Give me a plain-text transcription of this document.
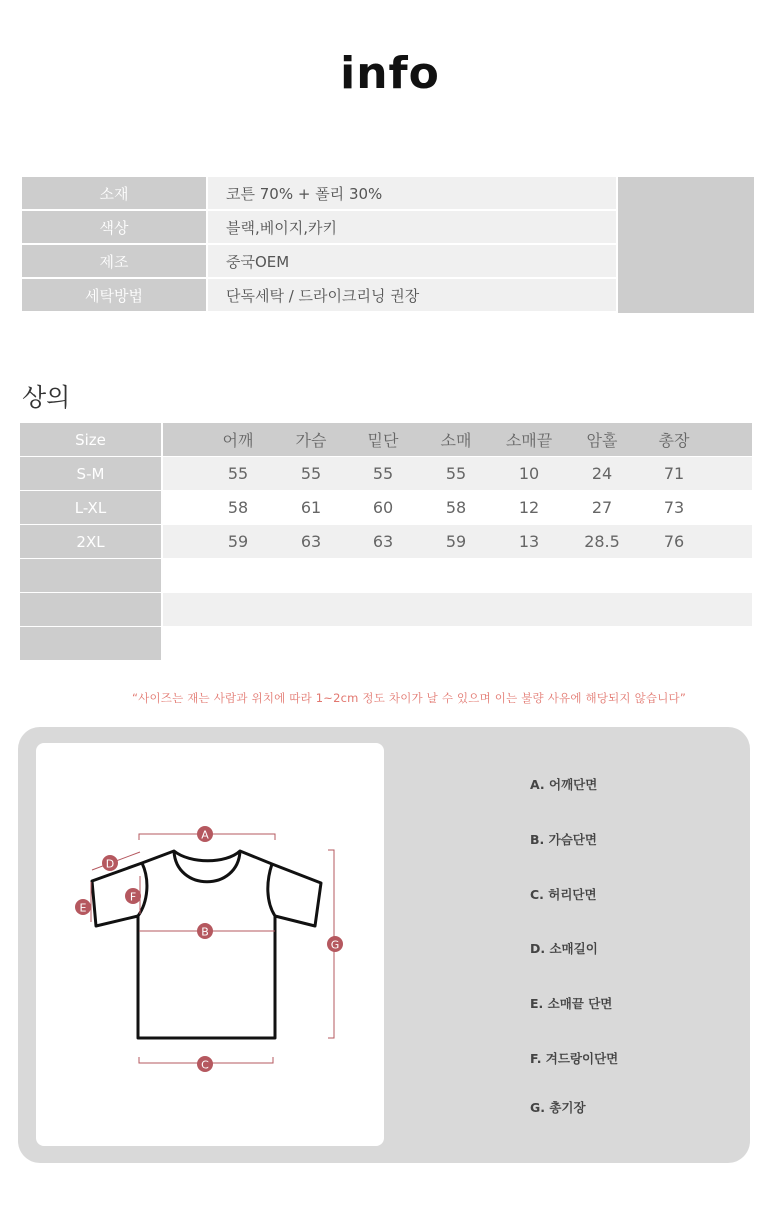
info
소재	코튼 70% + 폴리 30%
색상	블랙,베이지,카키
제조	중국OEM
세탁방법	단독세탁 / 드라이크리닝 권장
상의
Size	어깨	가슴	밑단	소매	소매끝	암홀	총장
S-M	55	55	55	55	10	24	71
L-XL	58	61	60	58	12	27	73
2XL	59	63	63	59	13	28.5	76
“사이즈는 재는 사람과 위치에 따라 1~2cm 정도 차이가 날 수 있으며 이는 불량 사유에 해당되지 않습니다”
A
B
C
D
E
F
G
A. 어깨단면
B. 가슴단면
C. 허리단면
D. 소매길이
E. 소매끝 단면
F. 겨드랑이단면
G. 총기장
